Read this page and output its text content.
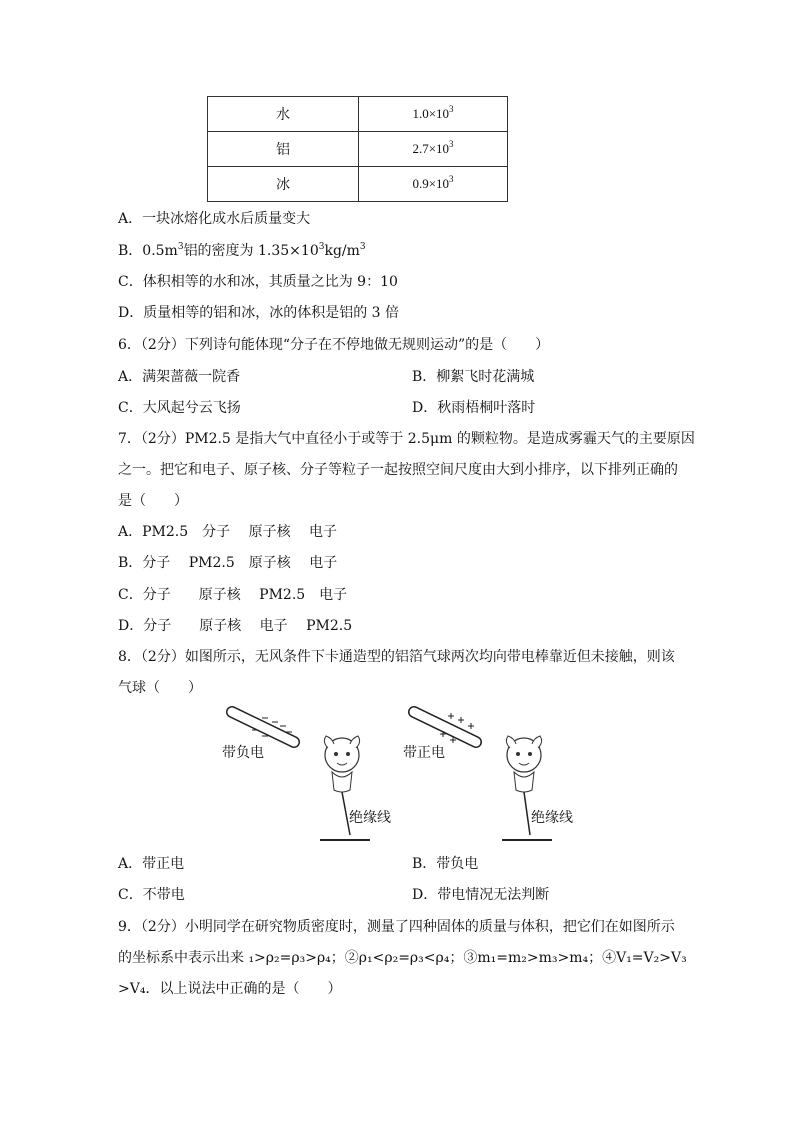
水	$1.0\times 10^3$
铝	$2.7\times 10^3$
冰	$0.9\times 10^3$
A．一块冰熔化成水后质量变大
B．$0.5m^3$铝的密度为 $1.35\times 10^3kg/m^3$
C．体积相等的水和冰，其质量之比为 9：10
D．质量相等的铝和冰，冰的体积是铝的 3 倍
6．（2分）下列诗句能体现“分子在不停地做无规则运动”的是（　　）
A．满架蔷薇一院香	B．柳絮飞时花满城
C．大风起兮云飞扬	D．秋雨梧桐叶落时
7．（2分）PM2.5 是指大气中直径小于或等于 2.5μm 的颗粒物。是造成雾霾天气的主要原因
之一。把它和电子、原子核、分子等粒子一起按照空间尺度由大到小排序，以下排列正确的
是（　　）
A．PM2.5　分子　 原子核　 电子
B．分子　 PM2.5　原子核　 电子
C．分子　　原子核　 PM2.5　电子
D．分子　　原子核　 电子　 PM2.5
8．（2分）如图所示，无风条件下卡通造型的铝箔气球两次均向带电棒靠近但未接触，则该
气球（　　）
带负电
绝缘线
带正电
绝缘线
A．带正电	B．带负电
C．不带电	D．带电情况无法判断
9．（2分）小明同学在研究物质密度时，测量了四种固体的质量与体积，把它们在如图所示
的坐标系中表示出来 ₁>ρ₂=ρ₃>ρ₄；②ρ₁<ρ₂=ρ₃<ρ₄；③m₁=m₂>m₃>m₄；④V₁=V₂>V₃
>V₄．以上说法中正确的是（　　）
